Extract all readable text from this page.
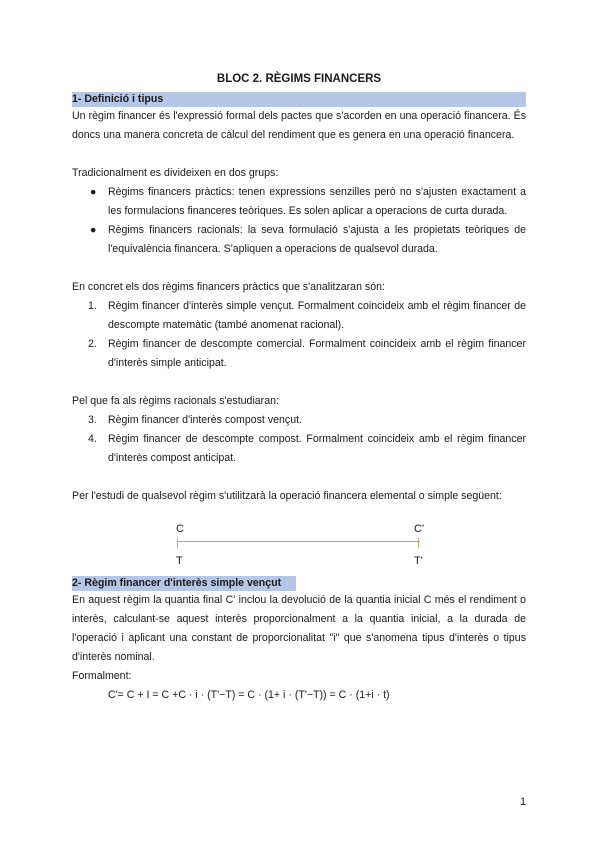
BLOC 2. RÈGIMS FINANCERS
1- Definició i tipus
Un règim financer és l'expressió formal dels pactes que s'acorden en una operació financera. És doncs una manera concreta de càlcul del rendiment que es genera en una operació financera.
Tradicionalment es divideixen en dos grups:
● Règims financers pràctics: tenen expressions senzilles però no s'ajusten exactament a les formulacions financeres teòriques. Es solen aplicar a operacions de curta durada.
● Règims financers racionals: la seva formulació s'ajusta a les propietats teòriques de l'equivalència financera. S'apliquen a operacions de qualsevol durada.
En concret els dos règims financers pràctics que s'analitzaran són:
1. Règim financer d'interès simple vençut. Formalment coincideix amb el règim financer de descompte matemàtic (també anomenat racional).
2. Règim financer de descompte comercial. Formalment coincideix amb el règim financer d'interès simple anticipat.
Pel que fa als règims racionals s'estudiaran:
3. Règim financer d'interès compost vençut.
4. Règim financer de descompte compost. Formalment coincideix amb el règim financer d'interès compost anticipat.
Per l'estudi de qualsevol règim s'utilitzarà la operació financera elemental o simple següent:
C	C'
|	|
T	T'
2- Règim financer d'interès simple vençut
En aquest règim la quantia final C' inclou la devolució de la quantia inicial C més el rendiment o interès, calculant-se aquest interès proporcionalment a la quantia inicial, a la durada de l'operació i aplicant una constant de proporcionalitat "i" que s'anomena tipus d'interès o tipus d'interès nominal.
Formalment:
C'= C + I = C +C · i · (T'−T) = C · (1+ i · (T'−T)) = C · (1+i · t)
1
